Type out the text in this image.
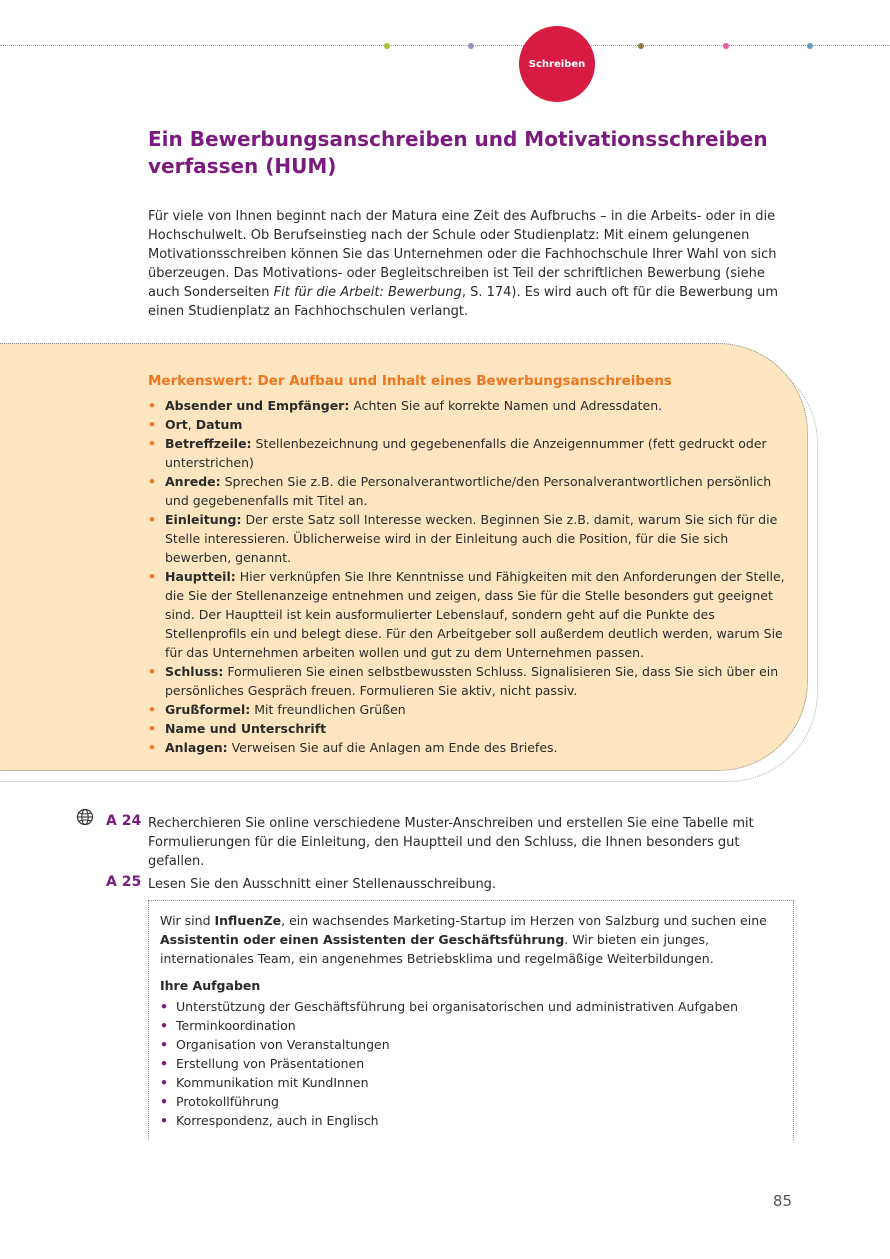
Schreiben
Ein Bewerbungsanschreiben und Motivationsschreiben verfassen (HUM)

Für viele von Ihnen beginnt nach der Matura eine Zeit des Aufbruchs – in die Arbeits- oder in die Hochschulwelt. Ob Berufseinstieg nach der Schule oder Studienplatz: Mit einem gelungenen Motivationsschreiben können Sie das Unternehmen oder die Fachhochschule Ihrer Wahl von sich überzeugen. Das Motivations- oder Begleitschreiben ist Teil der schriftlichen Bewerbung (siehe auch Sonderseiten Fit für die Arbeit: Bewerbung, S. 174). Es wird auch oft für die Bewerbung um einen Studienplatz an Fachhochschulen verlangt.

Merkenswert: Der Aufbau und Inhalt eines Bewerbungsanschreibens
• Absender und Empfänger: Achten Sie auf korrekte Namen und Adressdaten.
• Ort, Datum
• Betreffzeile: Stellenbezeichnung und gegebenenfalls die Anzeigennummer (fett gedruckt oder unterstrichen)
• Anrede: Sprechen Sie z.B. die Personalverantwortliche/den Personalverantwortlichen persönlich und gegebenenfalls mit Titel an.
• Einleitung: Der erste Satz soll Interesse wecken. Beginnen Sie z.B. damit, warum Sie sich für die Stelle interessieren. Üblicherweise wird in der Einleitung auch die Position, für die Sie sich bewerben, genannt.
• Hauptteil: Hier verknüpfen Sie Ihre Kenntnisse und Fähigkeiten mit den Anforderungen der Stelle, die Sie der Stellenanzeige entnehmen und zeigen, dass Sie für die Stelle besonders gut geeignet sind. Der Hauptteil ist kein ausformulierter Lebenslauf, sondern geht auf die Punkte des Stellenprofils ein und belegt diese. Für den Arbeitgeber soll außerdem deutlich werden, warum Sie für das Unternehmen arbeiten wollen und gut zu dem Unternehmen passen.
• Schluss: Formulieren Sie einen selbstbewussten Schluss. Signalisieren Sie, dass Sie sich über ein persönliches Gespräch freuen. Formulieren Sie aktiv, nicht passiv.
• Grußformel: Mit freundlichen Grüßen
• Name und Unterschrift
• Anlagen: Verweisen Sie auf die Anlagen am Ende des Briefes.
A 24 Recherchieren Sie online verschiedene Muster-Anschreiben und erstellen Sie eine Tabelle mit Formulierungen für die Einleitung, den Hauptteil und den Schluss, die Ihnen besonders gut gefallen.

A 25 Lesen Sie den Ausschnitt einer Stellenausschreibung.

Wir sind InfluenZe, ein wachsendes Marketing-Startup im Herzen von Salzburg und suchen eine Assistentin oder einen Assistenten der Geschäftsführung. Wir bieten ein junges, internationales Team, ein angenehmes Betriebsklima und regelmäßige Weiterbildungen.

Ihre Aufgaben

• Unterstützung der Geschäftsführung bei organisatorischen und administrativen Aufgaben
• Terminkoordination
• Organisation von Veranstaltungen
• Erstellung von Präsentationen
• Kommunikation mit KundInnen
• Protokollführung
• Korrespondenz, auch in Englisch
85
